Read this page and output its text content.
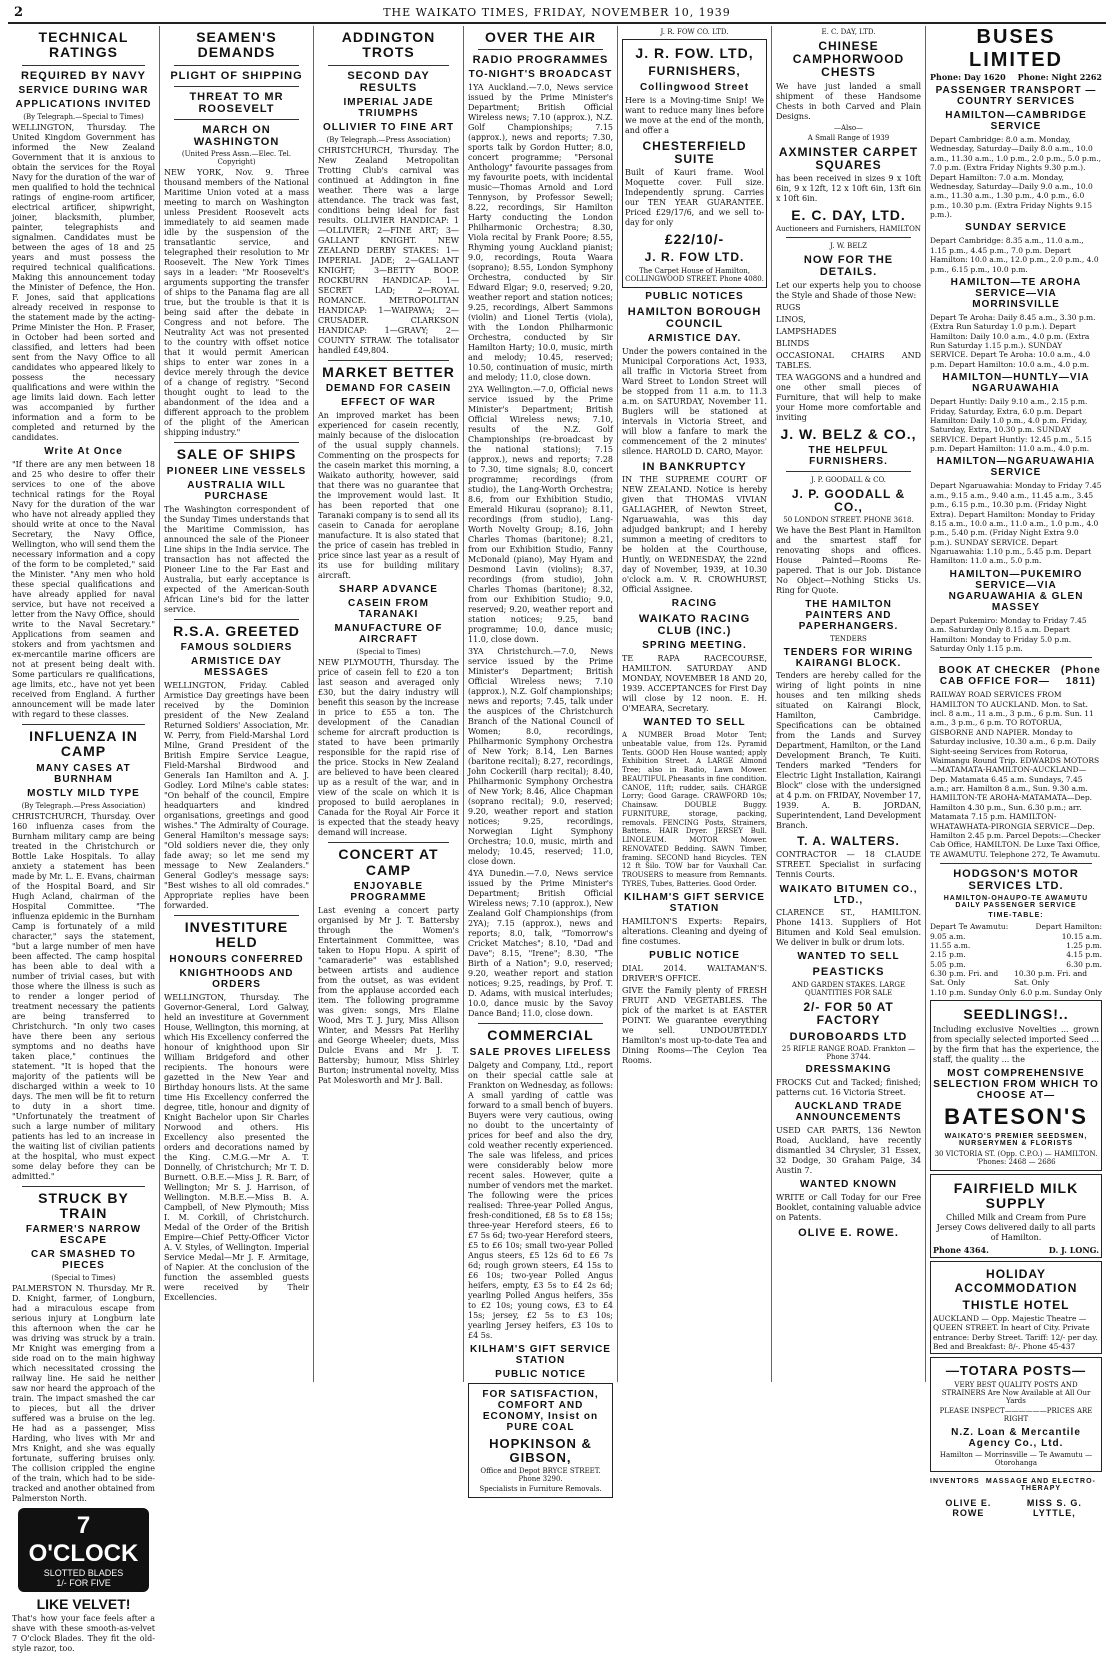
2	THE WAIKATO TIMES, FRIDAY, NOVEMBER 10, 1939
TECHNICAL RATINGS
REQUIRED BY NAVY
SERVICE DURING WAR
APPLICATIONS INVITED
(By Telegraph.—Special to Times)
WELLINGTON, Thursday. The United Kingdom Government has informed the New Zealand Government that it is anxious to obtain the services for the Royal Navy for the duration of the war of men qualified to hold the technical ratings of engine-room artificer, electrical artificer, shipwright, joiner, blacksmith, plumber, painter, telegraphists and signalmen. Candidates must be between the ages of 18 and 25 years and must possess the required technical qualifications. Making this announcement today the Minister of Defence, the Hon. F. Jones, said that applications already received in response to the statement made by the acting-Prime Minister the Hon. P. Fraser, in October had been sorted and classified, and letters had been sent from the Navy Office to all candidates who appeared likely to possess the necessary qualifications and were within the age limits laid down. Each letter was accompanied by further information and a form to be completed and returned by the candidates.
Write At Once
"If there are any men between 18 and 25 who desire to offer their services to one of the above technical ratings for the Royal Navy for the duration of the war who have not already applied they should write at once to the Naval Secretary, the Navy Office, Wellington, who will send them the necessary information and a copy of the form to be completed," said the Minister. "Any men who hold these special qualifications and have already applied for naval service, but have not received a letter from the Navy Office, should write to the Naval Secretary." Applications from seamen and stokers and from yachtsmen and ex-mercantile marine officers are not at present being dealt with. Some particulars re qualifications, age limits, etc., have not yet been received from England. A further announcement will be made later with regard to these classes.
INFLUENZA IN CAMP
MANY CASES AT BURNHAM
MOSTLY MILD TYPE
(By Telegraph.—Press Association)
CHRISTCHURCH, Thursday. Over 160 influenza cases from the Burnham military camp are being treated in the Christchurch or Bottle Lake Hospitals. To allay anxiety a statement has been made by Mr. L. E. Evans, chairman of the Hospital Board, and Sir Hugh Acland, chairman of the Hospital Committee. "The influenza epidemic in the Burnham Camp is fortunately of a mild character," says the statement, "but a large number of men have been affected. The camp hospital has been able to deal with a number of trivial cases, but with those where the illness is such as to render a longer period of treatment necessary the patients are being transferred to Christchurch. "In only two cases have there been any serious symptoms and no deaths have taken place," continues the statement. "It is hoped that the majority of the patients will be discharged within a week to 10 days. The men will be fit to return to duty in a short time. "Unfortunately the treatment of such a large number of military patients has led to an increase in the waiting list of civilian patients at the hospital, who must expect some delay before they can be admitted."
STRUCK BY TRAIN
FARMER'S NARROW ESCAPE
CAR SMASHED TO PIECES
(Special to Times)
PALMERSTON N. Thursday. Mr R. D. Knight, farmer, of Longburn, had a miraculous escape from serious injury at Longburn late this afternoon when the car he was driving was struck by a train. Mr Knight was emerging from a side road on to the main highway which necessitated crossing the railway line. He said he neither saw nor heard the approach of the train. The impact smashed the car to pieces, but all the driver suffered was a bruise on the leg. He had as a passenger, Miss Harding, who lives with Mr and Mrs Knight, and she was equally fortunate, suffering bruises only. The collision crippled the engine of the train, which had to be side-tracked and another obtained from Palmerston North.
7 O'CLOCK
SLOTTED BLADES
1/- FOR FIVE
LIKE VELVET!
That's how your face feels after a shave with these smooth-as-velvet 7 O'clock Blades. They fit the old-style razor, too.
SEAMEN'S DEMANDS
PLIGHT OF SHIPPING
THREAT TO MR ROOSEVELT
MARCH ON WASHINGTON
(United Press Assn.—Elec. Tel. Copyright)
NEW YORK, Nov. 9. Three thousand members of the National Maritime Union voted at a mass meeting to march on Washington unless President Roosevelt acts immediately to aid seamen made idle by the suspension of the transatlantic service, and telegraphed their resolution to Mr Roosevelt. The New York Times says in a leader: "Mr Roosevelt's arguments supporting the transfer of ships to the Panama flag are all true, but the trouble is that it is being said after the debate in Congress and not before. The Neutrality Act was not presented to the country with offset notice that it would permit American ships to enter war zones in a device merely through the device of a change of registry. "Second thought ought to lead to the abandonment of the idea and a different approach to the problem of the plight of the American shipping industry."
SALE OF SHIPS
PIONEER LINE VESSELS
AUSTRALIA WILL PURCHASE
The Washington correspondent of the Sunday Times understands that the Maritime Commission, has announced the sale of the Pioneer Line ships in the India service. The transaction has not affected the Pioneer Line to the Far East and Australia, but early acceptance is expected of the American-South African Line's bid for the latter service.
R.S.A. GREETED
FAMOUS SOLDIERS
ARMISTICE DAY MESSAGES
WELLINGTON, Friday. Cabled Armistice Day greetings have been received by the Dominion president of the New Zealand Returned Soldiers' Association, Mr. W. Perry, from Field-Marshal Lord Milne, Grand President of the British Empire Service League, Field-Marshal Birdwood and Generals Ian Hamilton and A. J. Godley. Lord Milne's cable states: "On behalf of the council, Empire headquarters and kindred organisations, greetings and good wishes." The Admiralty of Courage. General Hamilton's message says: "Old soldiers never die, they only fade away; so let me send my message to New Zealanders." General Godley's message says: "Best wishes to all old comrades." Appropriate replies have been forwarded.
INVESTITURE HELD
HONOURS CONFERRED
KNIGHTHOODS AND ORDERS
WELLINGTON, Thursday. The Governor-General, Lord Galway, held an investiture at Government House, Wellington, this morning, at which His Excellency conferred the honour of knighthood upon Sir William Bridgeford and other recipients. The honours were gazetted in the New Year and Birthday honours lists. At the same time His Excellency conferred the degree, title, honour and dignity of Knight Bachelor upon Sir Charles Norwood and others. His Excellency also presented the orders and decorations named by the King. C.M.G.—Mr A. T. Donnelly, of Christchurch; Mr T. D. Burnett. O.B.E.—Miss J. R. Barr, of Wellington; Mr S. J. Harrison, of Wellington. M.B.E.—Miss B. A. Campbell, of New Plymouth; Miss I. M. Corkill, of Christchurch. Medal of the Order of the British Empire—Chief Petty-Officer Victor A. V. Styles, of Wellington. Imperial Service Medal—Mr J. F. Armitage, of Napier. At the conclusion of the function the assembled guests were received by Their Excellencies.
ADDINGTON TROTS
SECOND DAY RESULTS
IMPERIAL JADE TRIUMPHS
OLLIVIER TO FINE ART
(By Telegraph.—Press Association)
CHRISTCHURCH, Thursday. The New Zealand Metropolitan Trotting Club's carnival was continued at Addington in fine weather. There was a large attendance. The track was fast, conditions being ideal for fast results. OLLIVIER HANDICAP: 1—OLLIVIER; 2—FINE ART; 3—GALLANT KNIGHT. NEW ZEALAND DERBY STAKES: 1—IMPERIAL JADE; 2—GALLANT KNIGHT; 3—BETTY BOOP. ROCKBURN HANDICAP: 1—SECRET LAD; 2—ROYAL ROMANCE. METROPOLITAN HANDICAP: 1—WAIPAWA; 2—CRUSADER. CLARKSON HANDICAP: 1—GRAVY; 2—COUNTY STRAW. The totalisator handled £49,804.
MARKET BETTER
DEMAND FOR CASEIN
EFFECT OF WAR
An improved market has been experienced for casein recently, mainly because of the dislocation of the usual supply channels. Commenting on the prospects for the casein market this morning, a Waikato authority, however, said that there was no guarantee that the improvement would last. It has been reported that one Taranaki company is to send all its casein to Canada for aeroplane manufacture. It is also stated that the price of casein has trebled in price since last year as a result of its use for building military aircraft.
SHARP ADVANCE
CASEIN FROM TARANAKI
MANUFACTURE OF AIRCRAFT
(Special to Times)
NEW PLYMOUTH, Thursday. The price of casein fell to £20 a ton last season and averaged only £30, but the dairy industry will benefit this season by the increase in price to £55 a ton. The development of the Canadian scheme for aircraft production is stated to have been primarily responsible for the rapid rise of the price. Stocks in New Zealand are believed to have been cleared up as a result of the war, and in view of the scale on which it is proposed to build aeroplanes in Canada for the Royal Air Force it is expected that the steady heavy demand will increase.
CONCERT AT CAMP
ENJOYABLE PROGRAMME
Last evening a concert party organised by Mr J. T. Battersby through the Women's Entertainment Committee, was taken to Hopu Hopu. A spirit of "camaraderie" was established between artists and audience from the outset, as was evident from the applause accorded each item. The following programme was given: songs, Mrs Elaine Wood, Mrs T. J. Jury, Miss Allison Winter, and Messrs Pat Herlihy and George Wheeler; duets, Miss Dulcie Evans and Mr J. T. Battersby; humour, Miss Shirley Burton; instrumental novelty, Miss Pat Molesworth and Mr J. Ball.
OVER THE AIR
RADIO PROGRAMMES
TO-NIGHT'S BROADCAST
1YA Auckland.—7.0, News service issued by the Prime Minister's Department; British Official Wireless news; 7.10 (approx.), N.Z. Golf Championships; 7.15 (approx.), news and reports; 7.30, sports talk by Gordon Hutter; 8.0, concert programme; "Personal Anthology" favourite passages from my favourite poets, with incidental music—Thomas Arnold and Lord Tennyson, by Professor Sewell; 8.22, recordings, Sir Hamilton Harty conducting the London Philharmonic Orchestra; 8.30, Viola recital by Frank Poore; 8.55, Rhyming young Auckland pianist; 9.0, recordings, Routa Waara (soprano); 8.55, London Symphony Orchestra, conducted by Sir Edward Elgar; 9.0, reserved; 9.20, weather report and station notices; 9.25, recordings, Albert Sammons (violin) and Lionel Tertis (viola), with the London Philharmonic Orchestra, conducted by Sir Hamilton Harty; 10.0, music, mirth and melody; 10.45, reserved; 10.50, continuation of music, mirth and melody; 11.0, close down.
2YA Wellington.—7.0, Official news service issued by the Prime Minister's Department; British Official Wireless news; 7.10, results of the N.Z. Golf Championships (re-broadcast by the national stations); 7.15 (approx.), news and reports; 7.28 to 7.30, time signals; 8.0, concert programme; recordings (from studio), the Lang-Worth Orchestra; 8.6, from our Exhibition Studio, Emerald Hikurau (soprano); 8.11, recordings (from studio), Lang-Worth Novelty Group; 8.16, John Charles Thomas (baritone); 8.21, from our Exhibition Studio, Fanny McDonald (piano), May Hyam and Desmond Lavin (violins); 8.37, recordings (from studio), John Charles Thomas (baritone); 8.32, from our Exhibition Studio; 9.0, reserved; 9.20, weather report and station notices; 9.25, band programme; 10.0, dance music; 11.0, close down.
3YA Christchurch.—7.0, News service issued by the Prime Minister's Department; British Official Wireless news; 7.10 (approx.), N.Z. Golf championships; news and reports; 7.45, talk under the auspices of the Christchurch Branch of the National Council of Women; 8.0, recordings, Philharmonic Symphony Orchestra of New York; 8.14, Len Barnes (baritone recital); 8.27, recordings, John Cockerill (harp recital); 8.40, Philharmonic Symphony Orchestra of New York; 8.46, Alice Chapman (soprano recital); 9.0, reserved; 9.20, weather report and station notices; 9.25, recordings, Norwegian Light Symphony Orchestra; 10.0, music, mirth and melody; 10.45, reserved; 11.0, close down.
4YA Dunedin.—7.0, News service issued by the Prime Minister's Department; British Official Wireless news; 7.10 (approx.), New Zealand Golf Championships (from 2YA); 7.15 (approx.), news and reports; 8.0, talk, "Tomorrow's Cricket Matches"; 8.10, "Dad and Dave"; 8.15, "Irene"; 8.30, "The Birth of a Nation"; 9.0, reserved; 9.20, weather report and station notices; 9.25, readings, by Prof. T. D. Adams, with musical interludes; 10.0, dance music by the Savoy Dance Band; 11.0, close down.
COMMERCIAL
SALE PROVES LIFELESS
Dalgety and Company, Ltd., report on their special cattle sale at Frankton on Wednesday, as follows: A small yarding of cattle was forward to a small bench of buyers. Buyers were very cautious, owing no doubt to the uncertainty of prices for beef and also the dry, cold weather recently experienced. The sale was lifeless, and prices were considerably below more recent sales. However, quite a number of vendors met the market. The following were the prices realised: Three-year Polled Angus, fresh-conditioned, £8 5s to £8 15s; three-year Hereford steers, £6 to £7 5s 6d; two-year Hereford steers, £5 to £6 10s; small two-year Polled Angus steers, £5 12s 6d to £6 7s 6d; rough grown steers, £4 15s to £6 10s; two-year Polled Angus heifers, empty, £3 5s to £4 2s 6d; yearling Polled Angus heifers, 35s to £2 10s; young cows, £3 to £4 15s; jersey, £2 5s to £3 10s; yearling Jersey heifers, £3 10s to £4 5s.
KILHAM'S GIFT SERVICE STATION
PUBLIC NOTICE
FOR SATISFACTION, COMFORT AND ECONOMY, Insist on PURE COAL
HOPKINSON & GIBSON,
Office and Depot BRYCE STREET. Phone 3290.
Specialists in Furniture Removals.
J. R. FOW CO. LTD.
J. R. FOW. LTD,
FURNISHERS,
Collingwood Street
Here is a Moving-time Snip! We want to reduce many lines before we move at the end of the month, and offer a
CHESTERFIELD SUITE
Built of Kauri frame. Wool Moquette cover. Full size. Independently sprung. Carries our TEN YEAR GUARANTEE. Priced £29/17/6, and we sell to-day for only
£22/10/-
J. R. FOW LTD.
The Carpet House of Hamilton, COLLINGWOOD STREET. Phone 4080.
PUBLIC NOTICES
HAMILTON BOROUGH COUNCIL
ARMISTICE DAY.
Under the powers contained in the Municipal Corporations Act, 1933, all traffic in Victoria Street from Ward Street to London Street will be stopped from 11 a.m. to 11.3 a.m. on SATURDAY, November 11. Buglers will be stationed at intervals in Victoria Street, and will blow a fanfare to mark the commencement of the 2 minutes' silence. HAROLD D. CARO, Mayor.
IN BANKRUPTCY
IN THE SUPREME COURT OF NEW ZEALAND. Notice is hereby given that THOMAS VIVIAN GALLAGHER, of Newton Street, Ngaruawahia, was this day adjudged bankrupt; and I hereby summon a meeting of creditors to be holden at the Courthouse, Huntly, on WEDNESDAY, the 22nd day of November, 1939, at 10.30 o'clock a.m. V. R. CROWHURST, Official Assignee.
RACING
WAIKATO RACING CLUB (INC.)
SPRING MEETING.
TE RAPA RACECOURSE, HAMILTON. SATURDAY AND MONDAY, NOVEMBER 18 AND 20, 1939. ACCEPTANCES for First Day will close by 12 noon. E. H. O'MEARA, Secretary.
WANTED TO SELL
A NUMBER Broad Motor Tent; unbeatable value, from 12s. Pyramid Tents. GOOD Hen House wanted; apply Exhibition Street. A LARGE Almond Tree; also in Radio, Lawn Mower. BEAUTIFUL Pheasants in fine condition. CANOE, 11ft; rudder, sails. CHARGE Lorry; Good Garage. CRAWFORD 10s; Chainsaw. DOUBLE Buggy. FURNITURE, storage, packing, removals. FENCING Posts, Strainers, Battens. HAIR Dryer. JERSEY Bull. LINOLEUM. MOTOR Mower. RENOVATED Bedding. SAWN Timber, framing. SECOND hand Bicycles. TEN 12 ft Silo. TOW bar for Vauxhall Car. TROUSERS to measure from Remnants. TYRES, Tubes, Batteries. Good Order.
KILHAM'S GIFT SERVICE STATION
HAMILTON'S Experts: Repairs, alterations. Cleaning and dyeing of fine costumes.
PUBLIC NOTICE
DIAL 2014. WALTAMAN'S. DRIVER'S OFFICE.
GIVE the Family plenty of FRESH FRUIT AND VEGETABLES. The pick of the market is at EASTER POINT. We guarantee everything we sell. UNDOUBTEDLY Hamilton's most up-to-date Tea and Dining Rooms—The Ceylon Tea Rooms.
E. C. DAY, LTD.
CHINESE CAMPHORWOOD CHESTS
We have just landed a small shipment of these Handsome Chests in both Carved and Plain Designs.
—Also—
A Small Range of 1939
AXMINSTER CARPET SQUARES
has been received in sizes 9 x 10ft 6in, 9 x 12ft, 12 x 10ft 6in, 13ft 6in x 10ft 6in.
E. C. DAY, LTD.
Auctioneers and Furnishers, HAMILTON
J. W. BELZ
NOW FOR THE DETAILS.
Let our experts help you to choose the Style and Shade of those New:
RUGS
LINOS,
LAMPSHADES
BLINDS
OCCASIONAL CHAIRS AND TABLES.
TEA WAGGONS and a hundred and one other small pieces of Furniture, that will help to make your Home more comfortable and inviting
J. W. BELZ & CO.,
THE HELPFUL FURNISHERS.
J. P. GOODALL & CO.
J. P. GOODALL & CO.,
50 LONDON STREET. PHONE 3618.
We have the Best Plant in Hamilton and the smartest staff for renovating shops and offices. House Painted—Rooms Re-papered. That is our Job. Distance No Object—Nothing Sticks Us. Ring for Quote.
THE HAMILTON PAINTERS AND PAPERHANGERS.
TENDERS
TENDERS FOR WIRING KAIRANGI BLOCK.
Tenders are hereby called for the wiring of light points in nine houses and ten milking sheds situated on Kairangi Block, Hamilton, Cambridge. Specifications can be obtained from the Lands and Survey Department, Hamilton, or the Land Development Branch, Te Kuiti. Tenders marked "Tenders for Electric Light Installation, Kairangi Block" close with the undersigned at 4 p.m. on FRIDAY, November 17, 1939. A. B. JORDAN, Superintendent, Land Development Branch.
T. A. WALTERS.
CONTRACTOR — 18 CLAUDE STREET. Specialist in surfacing Tennis Courts.
WAIKATO BITUMEN CO., LTD.,
CLARENCE ST., HAMILTON. Phone 1413. Suppliers of Hot Bitumen and Kold Seal emulsion. We deliver in bulk or drum lots.
WANTED TO SELL
PEASTICKS
AND GARDEN STAKES. LARGE QUANTITIES FOR SALE
2/- FOR 50 AT FACTORY
DUROBOARDS LTD
25 RIFLE RANGE ROAD. Frankton — Phone 3744.
DRESSMAKING
FROCKS Cut and Tacked; finished; patterns cut. 16 Victoria Street.
AUCKLAND TRADE ANNOUNCEMENTS
USED CAR PARTS, 136 Newton Road, Auckland, have recently dismantled 34 Chrysler, 31 Essex, 32 Dodge, 30 Graham Paige, 34 Austin 7.
WANTED KNOWN
WRITE or Call Today for our Free Booklet, containing valuable advice on Patents.
OLIVE E. ROWE.
BUSES LIMITED
Phone: Day 1620 Phone: Night 2262
PASSENGER TRANSPORT — COUNTRY SERVICES
HAMILTON—CAMBRIDGE SERVICE
Depart Cambridge: 8.0 a.m. Monday, Wednesday, Saturday—Daily 8.0 a.m., 10.0 a.m., 11.30 a.m., 1.0 p.m., 2.0 p.m., 5.0 p.m., 7.0 p.m. (Extra Friday Nights 9.30 p.m.). Depart Hamilton: 7.0 a.m. Monday, Wednesday, Saturday—Daily 9.0 a.m., 10.0 a.m., 11.30 a.m., 1.30 p.m., 4.0 p.m., 6.0 p.m., 10.30 p.m. (Extra Friday Nights 9.15 p.m.).
SUNDAY SERVICE
Depart Cambridge: 8.35 a.m., 11.0 a.m., 1.15 p.m., 4.45 p.m., 7.0 p.m. Depart Hamilton: 10.0 a.m., 12.0 p.m., 2.0 p.m., 4.0 p.m., 6.15 p.m., 10.0 p.m.
HAMILTON—TE AROHA SERVICE—VIA MORRINSVILLE
Depart Te Aroha: Daily 8.45 a.m., 3.30 p.m. (Extra Run Saturday 1.0 p.m.). Depart Hamilton: Daily 10.0 a.m., 4.0 p.m. (Extra Run Saturday 1.15 p.m.). SUNDAY SERVICE. Depart Te Aroha: 10.0 a.m., 4.0 p.m. Depart Hamilton: 10.0 a.m., 4.0 p.m.
HAMILTON—HUNTLY—VIA NGARUAWAHIA
Depart Huntly: Daily 9.10 a.m., 2.15 p.m. Friday, Saturday, Extra, 6.0 p.m. Depart Hamilton: Daily 1.0 p.m., 4.0 p.m. Friday, Saturday, Extra, 10.30 p.m. SUNDAY SERVICE. Depart Huntly: 12.45 p.m., 5.15 p.m. Depart Hamilton: 11.0 a.m., 4.0 p.m.
HAMILTON—NGARUAWAHIA SERVICE
Depart Ngaruawahia: Monday to Friday 7.45 a.m., 9.15 a.m., 9.40 a.m., 11.45 a.m., 3.45 p.m., 6.15 p.m., 10.30 p.m. (Friday Night Extra). Depart Hamilton: Monday to Friday 8.15 a.m., 10.0 a.m., 11.0 a.m., 1.0 p.m., 4.0 p.m., 5.40 p.m. (Friday Night Extra 9.0 p.m.). SUNDAY SERVICE. Depart Ngaruawahia: 1.10 p.m., 5.45 p.m. Depart Hamilton: 11.0 a.m., 5.0 p.m.
HAMILTON—PUKEMIRO SERVICE—VIA NGARUAWAHIA & GLEN MASSEY
Depart Pukemiro: Monday to Friday 7.45 a.m. Saturday Only 8.15 a.m. Depart Hamilton: Monday to Friday 5.0 p.m. Saturday Only 1.15 p.m.
BOOK AT CHECKER CAB OFFICE FOR—
(Phone 1811)
RAILWAY ROAD SERVICES FROM HAMILTON TO AUCKLAND. Mon. to Sat. incl. 8 a.m., 11 a.m., 3 p.m., 6 p.m. Sun. 11 a.m., 3 p.m., 6 p.m. TO ROTORUA, GISBORNE AND NAPIER. Monday to Saturday inclusive, 10.30 a.m., 6 p.m. Daily Sight-seeing Services from Rotorua, Waimangu Round Trip. EDWARDS MOTORS—MATAMATA-HAMILTON-AUCKLAND—Dep. Matamata 6.45 a.m. Sundays, 7.45 a.m.; arr. Hamilton 8 a.m., Sun. 9.30 a.m. HAMILTON-TE AROHA-MATAMATA—Dep. Hamilton 4.30 p.m., Sun. 6.30 p.m.; arr. Matamata 7.15 p.m. HAMILTON-WHATAWHATA-PIRONGIA SERVICE—Dep. Hamilton 2.45 p.m. Parcel Depots:—Checker Cab Office, HAMILTON. De Luxe Taxi Office, TE AWAMUTU. Telephone 272, Te Awamutu.
HODGSON'S MOTOR SERVICES LTD.
HAMILTON-OHAUPO-TE AWAMUTU DAILY PASSENGER SERVICE
TIME-TABLE:
Depart Te Awamutu:	Depart Hamilton:
9.05 a.m.	10.15 a.m.
11.55 a.m.	1.25 p.m.
2.15 p.m.	4.15 p.m.
5.05 p.m.	6.30 p.m.
6.30 p.m. Fri. and Sat. Only
10.30 p.m. Fri. and Sat. Only
1.10 p.m. Sunday Only 6.0 p.m. Sunday Only
SEEDLINGS!..
Including exclusive Novelties ... grown from specially selected imported Seed ... by the firm that has the experience, the staff, the quality ... the
MOST COMPREHENSIVE SELECTION FROM WHICH TO CHOOSE AT—
BATESON'S
WAIKATO'S PREMIER SEEDSMEN, NURSERYMEN & FLORISTS
30 VICTORIA ST. (Opp. C.P.O.) — HAMILTON. 'Phones: 2468 — 2686
FAIRFIELD MILK SUPPLY
Chilled Milk and Cream from Pure Jersey Cows delivered daily to all parts of Hamilton.
Phone 4364.	D. J. LONG.
HOLIDAY ACCOMMODATION
THISTLE HOTEL
AUCKLAND — Opp. Majestic Theatre — QUEEN STREET. In heart of City. Private entrance: Derby Street. Tariff: 12/- per day. Bed and Breakfast: 8/-. Phone 45-437
—TOTARA POSTS—
VERY BEST QUALITY POSTS AND STRAINERS Are Now Available at All Our Yards
PLEASE INSPECT——————PRICES ARE RIGHT
N.Z. Loan & Mercantile Agency Co., Ltd.
Hamilton — Morrinsville — Te Awamutu — Otorohanga
INVENTORS MASSAGE AND ELECTRO-THERAPY
OLIVE E. ROWE
MISS S. G. LYTTLE,
